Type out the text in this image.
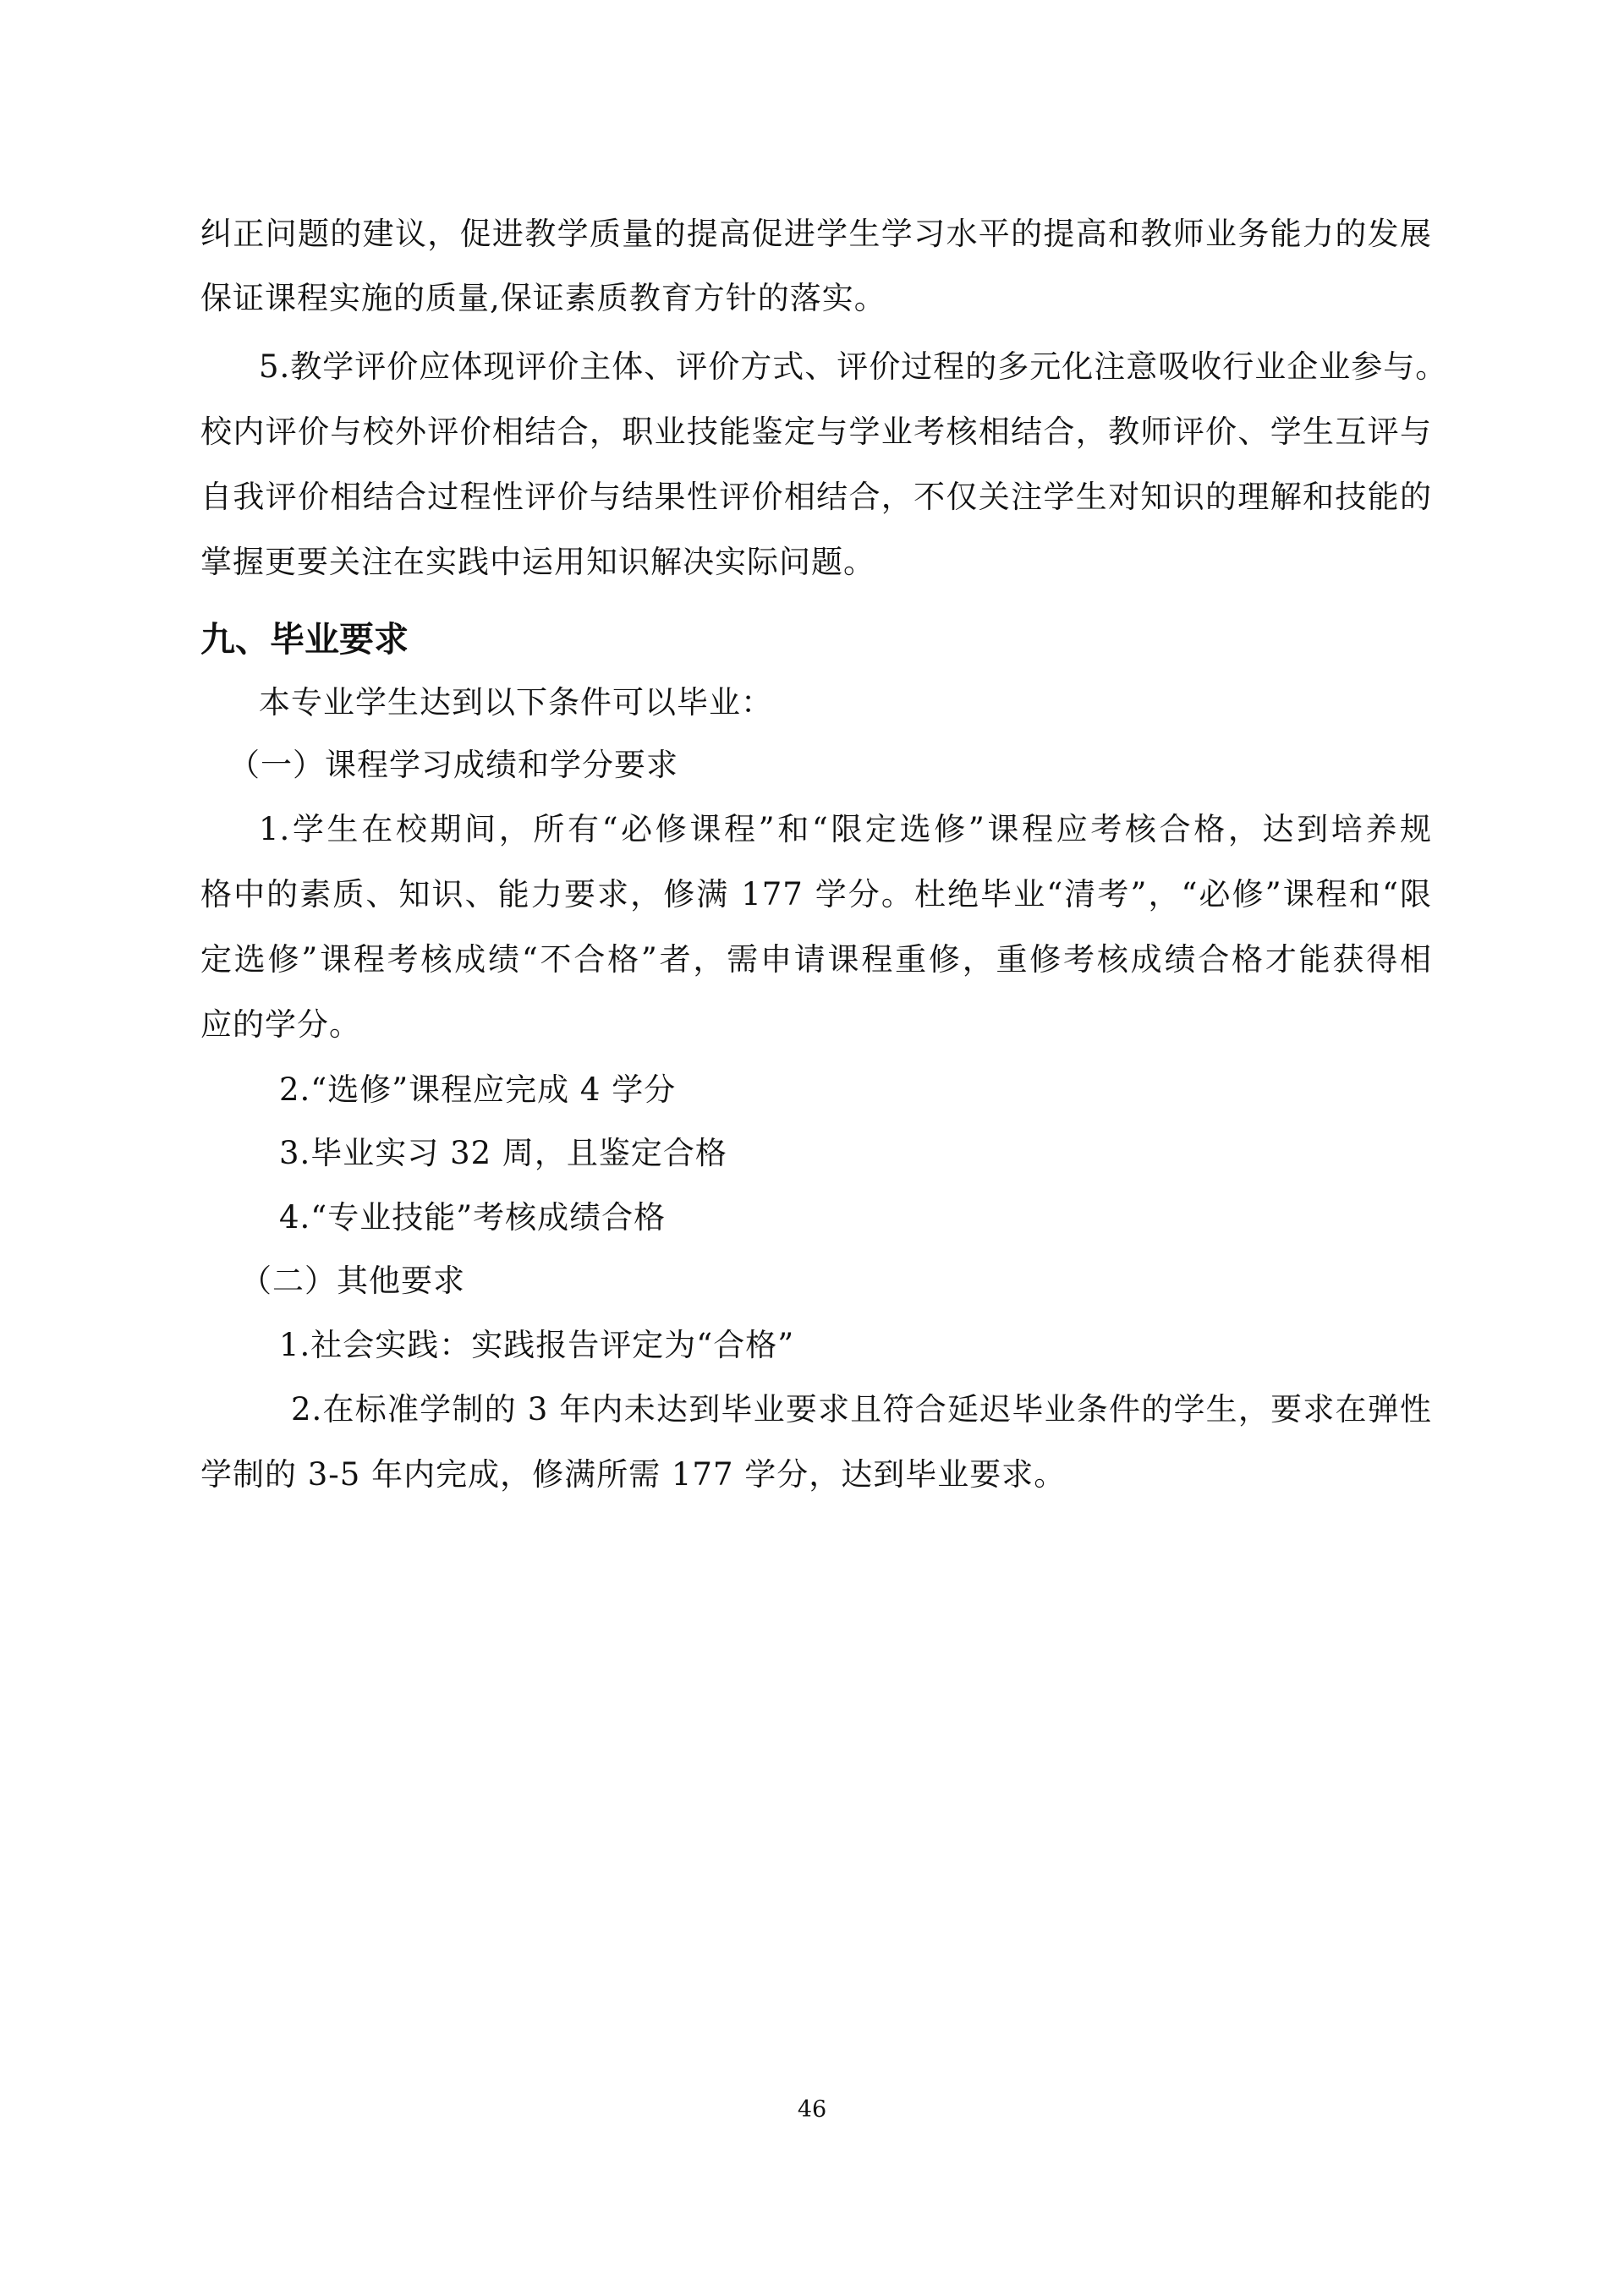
纠正问题的建议，促进教学质量的提高促进学生学习水平的提高和教师业务能力的发展
保证课程实施的质量,保证素质教育方针的落实。
5.教学评价应体现评价主体、评价方式、评价过程的多元化注意吸收行业企业参与。
校内评价与校外评价相结合，职业技能鉴定与学业考核相结合，教师评价、学生互评与
自我评价相结合过程性评价与结果性评价相结合，不仅关注学生对知识的理解和技能的
掌握更要关注在实践中运用知识解决实际问题。
九、毕业要求
本专业学生达到以下条件可以毕业：
（一）课程学习成绩和学分要求
1.学生在校期间，所有“必修课程”和“限定选修”课程应考核合格，达到培养规
格中的素质、知识、能力要求，修满 177 学分。杜绝毕业“清考”，“必修”课程和“限
定选修”课程考核成绩“不合格”者，需申请课程重修，重修考核成绩合格才能获得相
应的学分。
2.“选修”课程应完成 4 学分
3.毕业实习 32 周，且鉴定合格
4.“专业技能”考核成绩合格
（二）其他要求
1.社会实践：实践报告评定为“合格”
2.在标准学制的 3 年内未达到毕业要求且符合延迟毕业条件的学生，要求在弹性
学制的 3-5 年内完成，修满所需 177 学分，达到毕业要求。
46
